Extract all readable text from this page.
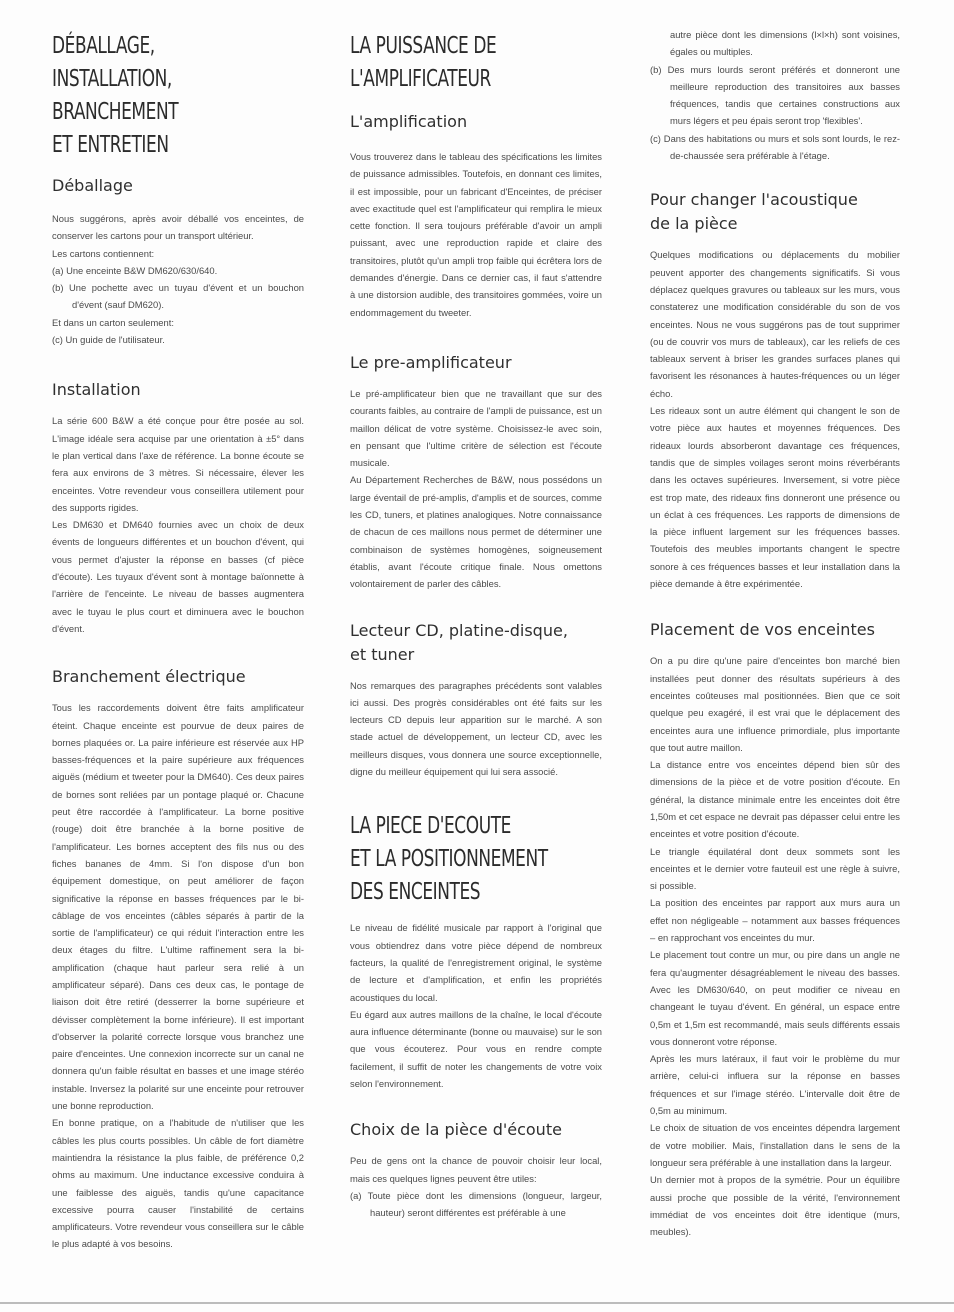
DÉBALLAGE,
INSTALLATION,
BRANCHEMENT
ET ENTRETIEN
Déballage

Nous suggérons, après avoir déballé vos enceintes, de conserver les cartons pour un transport ultérieur.

Les cartons contiennent:

(a) Une enceinte B&W DM620/630/640.

(b) Une pochette avec un tuyau d'évent et un bouchon d'évent (sauf DM620).

Et dans un carton seulement:

(c) Un guide de l'utilisateur.

Installation

La série 600 B&W a été conçue pour être posée au sol. L'image idéale sera acquise par une orientation à ±5° dans le plan vertical dans l'axe de référence. La bonne écoute se fera aux environs de 3 mètres. Si nécessaire, élever les enceintes. Votre revendeur vous conseillera utilement pour des supports rigides.

Les DM630 et DM640 fournies avec un choix de deux évents de longueurs différentes et un bouchon d'évent, qui vous permet d'ajuster la réponse en basses (cf pièce d'écoute). Les tuyaux d'évent sont à montage baïonnette à l'arrière de l'enceinte. Le niveau de basses augmentera avec le tuyau le plus court et diminuera avec le bouchon d'évent.

Branchement électrique

Tous les raccordements doivent être faits amplificateur éteint. Chaque enceinte est pourvue de deux paires de bornes plaquées or. La paire inférieure est réservée aux HP basses-fréquences et la paire supérieure aux fréquences aiguës (médium et tweeter pour la DM640). Ces deux paires de bornes sont reliées par un pontage plaqué or. Chacune peut être raccordée à l'amplificateur. La borne positive (rouge) doit être branchée à la borne positive de l'amplificateur. Les bornes acceptent des fils nus ou des fiches bananes de 4mm. Si l'on dispose d'un bon équipement domestique, on peut améliorer de façon significative la réponse en basses fréquences par le bi-câblage de vos enceintes (câbles séparés à partir de la sortie de l'amplificateur) ce qui réduit l'interaction entre les deux étages du filtre. L'ultime raffinement sera la bi-amplification (chaque haut parleur sera relié à un amplificateur séparé). Dans ces deux cas, le pontage de liaison doit être retiré (desserrer la borne supérieure et dévisser complètement la borne inférieure). Il est important d'observer la polarité correcte lorsque vous branchez une paire d'enceintes. Une connexion incorrecte sur un canal ne donnera qu'un faible résultat en basses et une image stéréo instable. Inversez la polarité sur une enceinte pour retrouver une bonne reproduction.

En bonne pratique, on a l'habitude de n'utiliser que les câbles les plus courts possibles. Un câble de fort diamètre maintiendra la résistance la plus faible, de préférence 0,2 ohms au maximum. Une inductance excessive conduira à une faiblesse des aiguës, tandis qu'une capacitance excessive pourra causer l'instabilité de certains amplificateurs. Votre revendeur vous conseillera sur le câble le plus adapté à vos besoins.

LA PUISSANCE DE
L'AMPLIFICATEUR
L'amplification

Vous trouverez dans le tableau des spécifications les limites de puissance admissibles. Toutefois, en donnant ces limites, il est impossible, pour un fabricant d'Enceintes, de préciser avec exactitude quel est l'amplificateur qui remplira le mieux cette fonction. Il sera toujours préférable d'avoir un ampli puissant, avec une reproduction rapide et claire des transitoires, plutôt qu'un ampli trop faible qui écrêtera lors de demandes d'énergie. Dans ce dernier cas, il faut s'attendre à une distorsion audible, des transitoires gommées, voire un endommagement du tweeter.

Le pre-amplificateur

Le pré-amplificateur bien que ne travaillant que sur des courants faibles, au contraire de l'ampli de puissance, est un maillon délicat de votre système. Choisissez-le avec soin, en pensant que l'ultime critère de sélection est l'écoute musicale.

Au Département Recherches de B&W, nous possédons un large éventail de pré-amplis, d'amplis et de sources, comme les CD, tuners, et platines analogiques. Notre connaissance de chacun de ces maillons nous permet de déterminer une combinaison de systèmes homogènes, soigneusement établis, avant l'écoute critique finale. Nous omettons volontairement de parler des câbles.

Lecteur CD, platine-disque,
et tuner

Nos remarques des paragraphes précédents sont valables ici aussi. Des progrès considérables ont été faits sur les lecteurs CD depuis leur apparition sur le marché. A son stade actuel de développement, un lecteur CD, avec les meilleurs disques, vous donnera une source exceptionnelle, digne du meilleur équipement qui lui sera associé.

LA PIECE D'ECOUTE
ET LA POSITIONNEMENT
DES ENCEINTES

Le niveau de fidélité musicale par rapport à l'original que vous obtiendrez dans votre pièce dépend de nombreux facteurs, la qualité de l'enregistrement original, le système de lecture et d'amplification, et enfin les propriétés acoustiques du local.

Eu égard aux autres maillons de la chaîne, le local d'écoute aura influence déterminante (bonne ou mauvaise) sur le son que vous écouterez. Pour vous en rendre compte facilement, il suffit de noter les changements de votre voix selon l'environnement.

Choix de la pièce d'écoute

Peu de gens ont la chance de pouvoir choisir leur local, mais ces quelques lignes peuvent être utiles:

(a) Toute pièce dont les dimensions (longueur, largeur, hauteur) seront différentes est préférable à une

autre pièce dont les dimensions (l×l×h) sont voisines, égales ou multiples.

(b) Des murs lourds seront préférés et donneront une meilleure reproduction des transitoires aux basses fréquences, tandis que certaines constructions aux murs légers et peu épais seront trop 'flexibles'.

(c) Dans des habitations ou murs et sols sont lourds, le rez-de-chaussée sera préférable à l'étage.

Pour changer l'acoustique
de la pièce

Quelques modifications ou déplacements du mobilier peuvent apporter des changements significatifs. Si vous déplacez quelques gravures ou tableaux sur les murs, vous constaterez une modification considérable du son de vos enceintes. Nous ne vous suggérons pas de tout supprimer (ou de couvrir vos murs de tableaux), car les reliefs de ces tableaux servent à briser les grandes surfaces planes qui favorisent les résonances à hautes-fréquences ou un léger écho.

Les rideaux sont un autre élément qui changent le son de votre pièce aux hautes et moyennes fréquences. Des rideaux lourds absorberont davantage ces fréquences, tandis que de simples voilages seront moins réverbérants dans les octaves supérieures. Inversement, si votre pièce est trop mate, des rideaux fins donneront une présence ou un éclat à ces fréquences. Les rapports de dimensions de la pièce influent largement sur les fréquences basses. Toutefois des meubles importants changent le spectre sonore à ces fréquences basses et leur installation dans la pièce demande à être expérimentée.

Placement de vos enceintes

On a pu dire qu'une paire d'enceintes bon marché bien installées peut donner des résultats supérieurs à des enceintes coûteuses mal positionnées. Bien que ce soit quelque peu exagéré, il est vrai que le déplacement des enceintes aura une influence primordiale, plus importante que tout autre maillon.

La distance entre vos enceintes dépend bien sûr des dimensions de la pièce et de votre position d'écoute. En général, la distance minimale entre les enceintes doit être 1,50m et cet espace ne devrait pas dépasser celui entre les enceintes et votre position d'écoute.

Le triangle équilatéral dont deux sommets sont les enceintes et le dernier votre fauteuil est une règle à suivre, si possible.

La position des enceintes par rapport aux murs aura un effet non négligeable – notamment aux basses fréquences – en rapprochant vos enceintes du mur.

Le placement tout contre un mur, ou pire dans un angle ne fera qu'augmenter désagréablement le niveau des basses. Avec les DM630/640, on peut modifier ce niveau en changeant le tuyau d'évent. En général, un espace entre 0,5m et 1,5m est recommandé, mais seuls différents essais vous donneront votre réponse.

Après les murs latéraux, il faut voir le problème du mur arrière, celui-ci influera sur la réponse en basses fréquences et sur l'image stéréo. L'intervalle doit être de 0,5m au minimum.

Le choix de situation de vos enceintes dépendra largement de votre mobilier. Mais, l'installation dans le sens de la longueur sera préférable à une installation dans la largeur.

Un dernier mot à propos de la symétrie. Pour un équilibre aussi proche que possible de la vérité, l'environnement immédiat de vos enceintes doit être identique (murs, meubles).
